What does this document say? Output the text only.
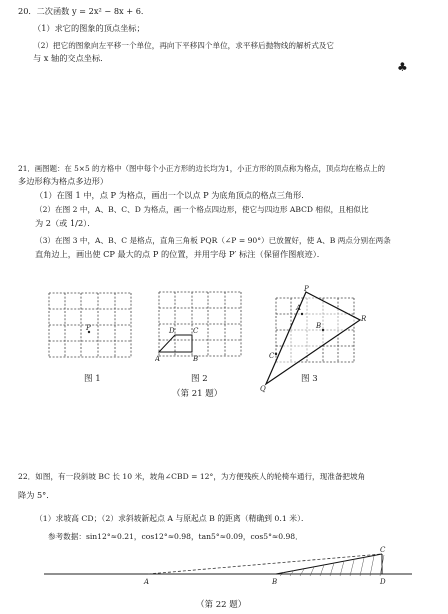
20．二次函数 y = 2x² − 8x + 6．
（1）求它的图象的顶点坐标；
（2）把它的图象向左平移一个单位，再向下平移四个单位，求平移后抛物线的解析式及它
与 x 轴的交点坐标．
♣
21．画图题：在 5×5 的方格中（图中每个小正方形的边长均为1，小正方形的顶点称为格点，顶点均在格点上的
多边形称为格点多边形）
（1）在图 1 中，点 P 为格点，画出一个以点 P 为底角顶点的格点三角形．
（2）在图 2 中，A、B、C、D 为格点，画一个格点四边形，使它与四边形 ABCD 相似，且相似比
为 2（或 1/2）．
（3）在图 3 中，A、B、C 是格点，直角三角板 PQR（∠P = 90°）已放置好，使 A、B 两点分别在两条
直角边上，画出使 CP 最大的点 P 的位置，并用字母 P′ 标注（保留作图痕迹）．
P
图 1
A	B
C
D
图 2
P
A
B
C
Q
R
图 3
（第 21 题）
22．如图，有一段斜坡 BC 长 10 米，坡角∠CBD = 12°，为方便残疾人的轮椅车通行，现准备把坡角
降为 5°．
（1）求坡高 CD；（2）求斜坡新起点 A 与原起点 B 的距离（精确到 0.1 米）．
参考数据：sin12°≈0.21，cos12°≈0.98，tan5°≈0.09，cos5°≈0.98．
A	B
C
D
（第 22 题）
